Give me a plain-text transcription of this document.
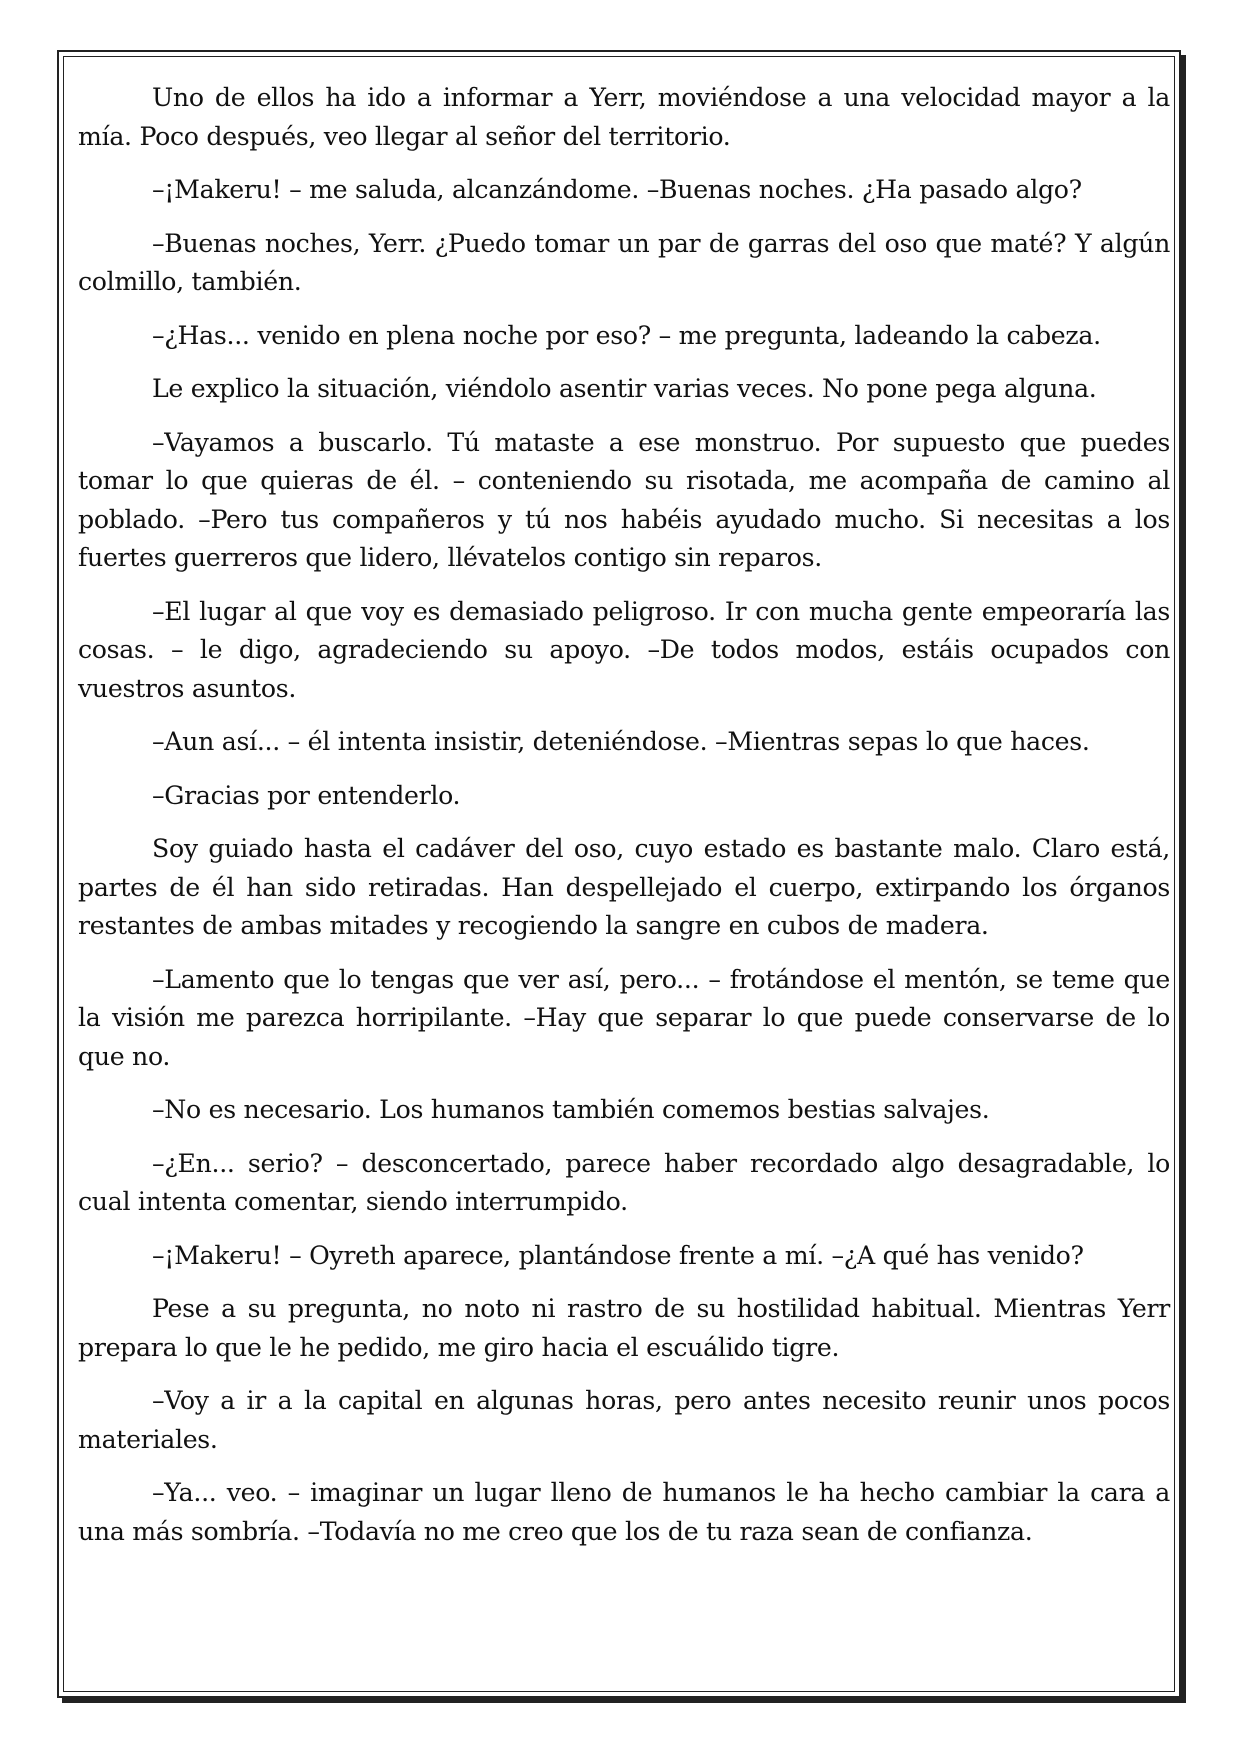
Uno de ellos ha ido a informar a Yerr, moviéndose a una velocidad mayor a la mía. Poco después, veo llegar al señor del territorio.

–¡Makeru! – me saluda, alcanzándome. –Buenas noches. ¿Ha pasado algo?

–Buenas noches, Yerr. ¿Puedo tomar un par de garras del oso que maté? Y algún colmillo, también.

–¿Has... venido en plena noche por eso? – me pregunta, ladeando la cabeza.

Le explico la situación, viéndolo asentir varias veces. No pone pega alguna.

–Vayamos a buscarlo. Tú mataste a ese monstruo. Por supuesto que puedes tomar lo que quieras de él. – conteniendo su risotada, me acompaña de camino al poblado. –Pero tus compañeros y tú nos habéis ayudado mucho. Si necesitas a los fuertes guerreros que lidero, llévatelos contigo sin reparos.

–El lugar al que voy es demasiado peligroso. Ir con mucha gente empeoraría las cosas. – le digo, agradeciendo su apoyo. –De todos modos, estáis ocupados con vuestros asuntos.

–Aun así... – él intenta insistir, deteniéndose. –Mientras sepas lo que haces.

–Gracias por entenderlo.

Soy guiado hasta el cadáver del oso, cuyo estado es bastante malo. Claro está, partes de él han sido retiradas. Han despellejado el cuerpo, extirpando los órganos restantes de ambas mitades y recogiendo la sangre en cubos de madera.

–Lamento que lo tengas que ver así, pero... – frotándose el mentón, se teme que la visión me parezca horripilante. –Hay que separar lo que puede conservarse de lo que no.

–No es necesario. Los humanos también comemos bestias salvajes.

–¿En... serio? – desconcertado, parece haber recordado algo desagradable, lo cual intenta comentar, siendo interrumpido.

–¡Makeru! – Oyreth aparece, plantándose frente a mí. –¿A qué has venido?

Pese a su pregunta, no noto ni rastro de su hostilidad habitual. Mientras Yerr prepara lo que le he pedido, me giro hacia el escuálido tigre.

–Voy a ir a la capital en algunas horas, pero antes necesito reunir unos pocos materiales.

–Ya... veo. – imaginar un lugar lleno de humanos le ha hecho cambiar la cara a una más sombría. –Todavía no me creo que los de tu raza sean de confianza.
